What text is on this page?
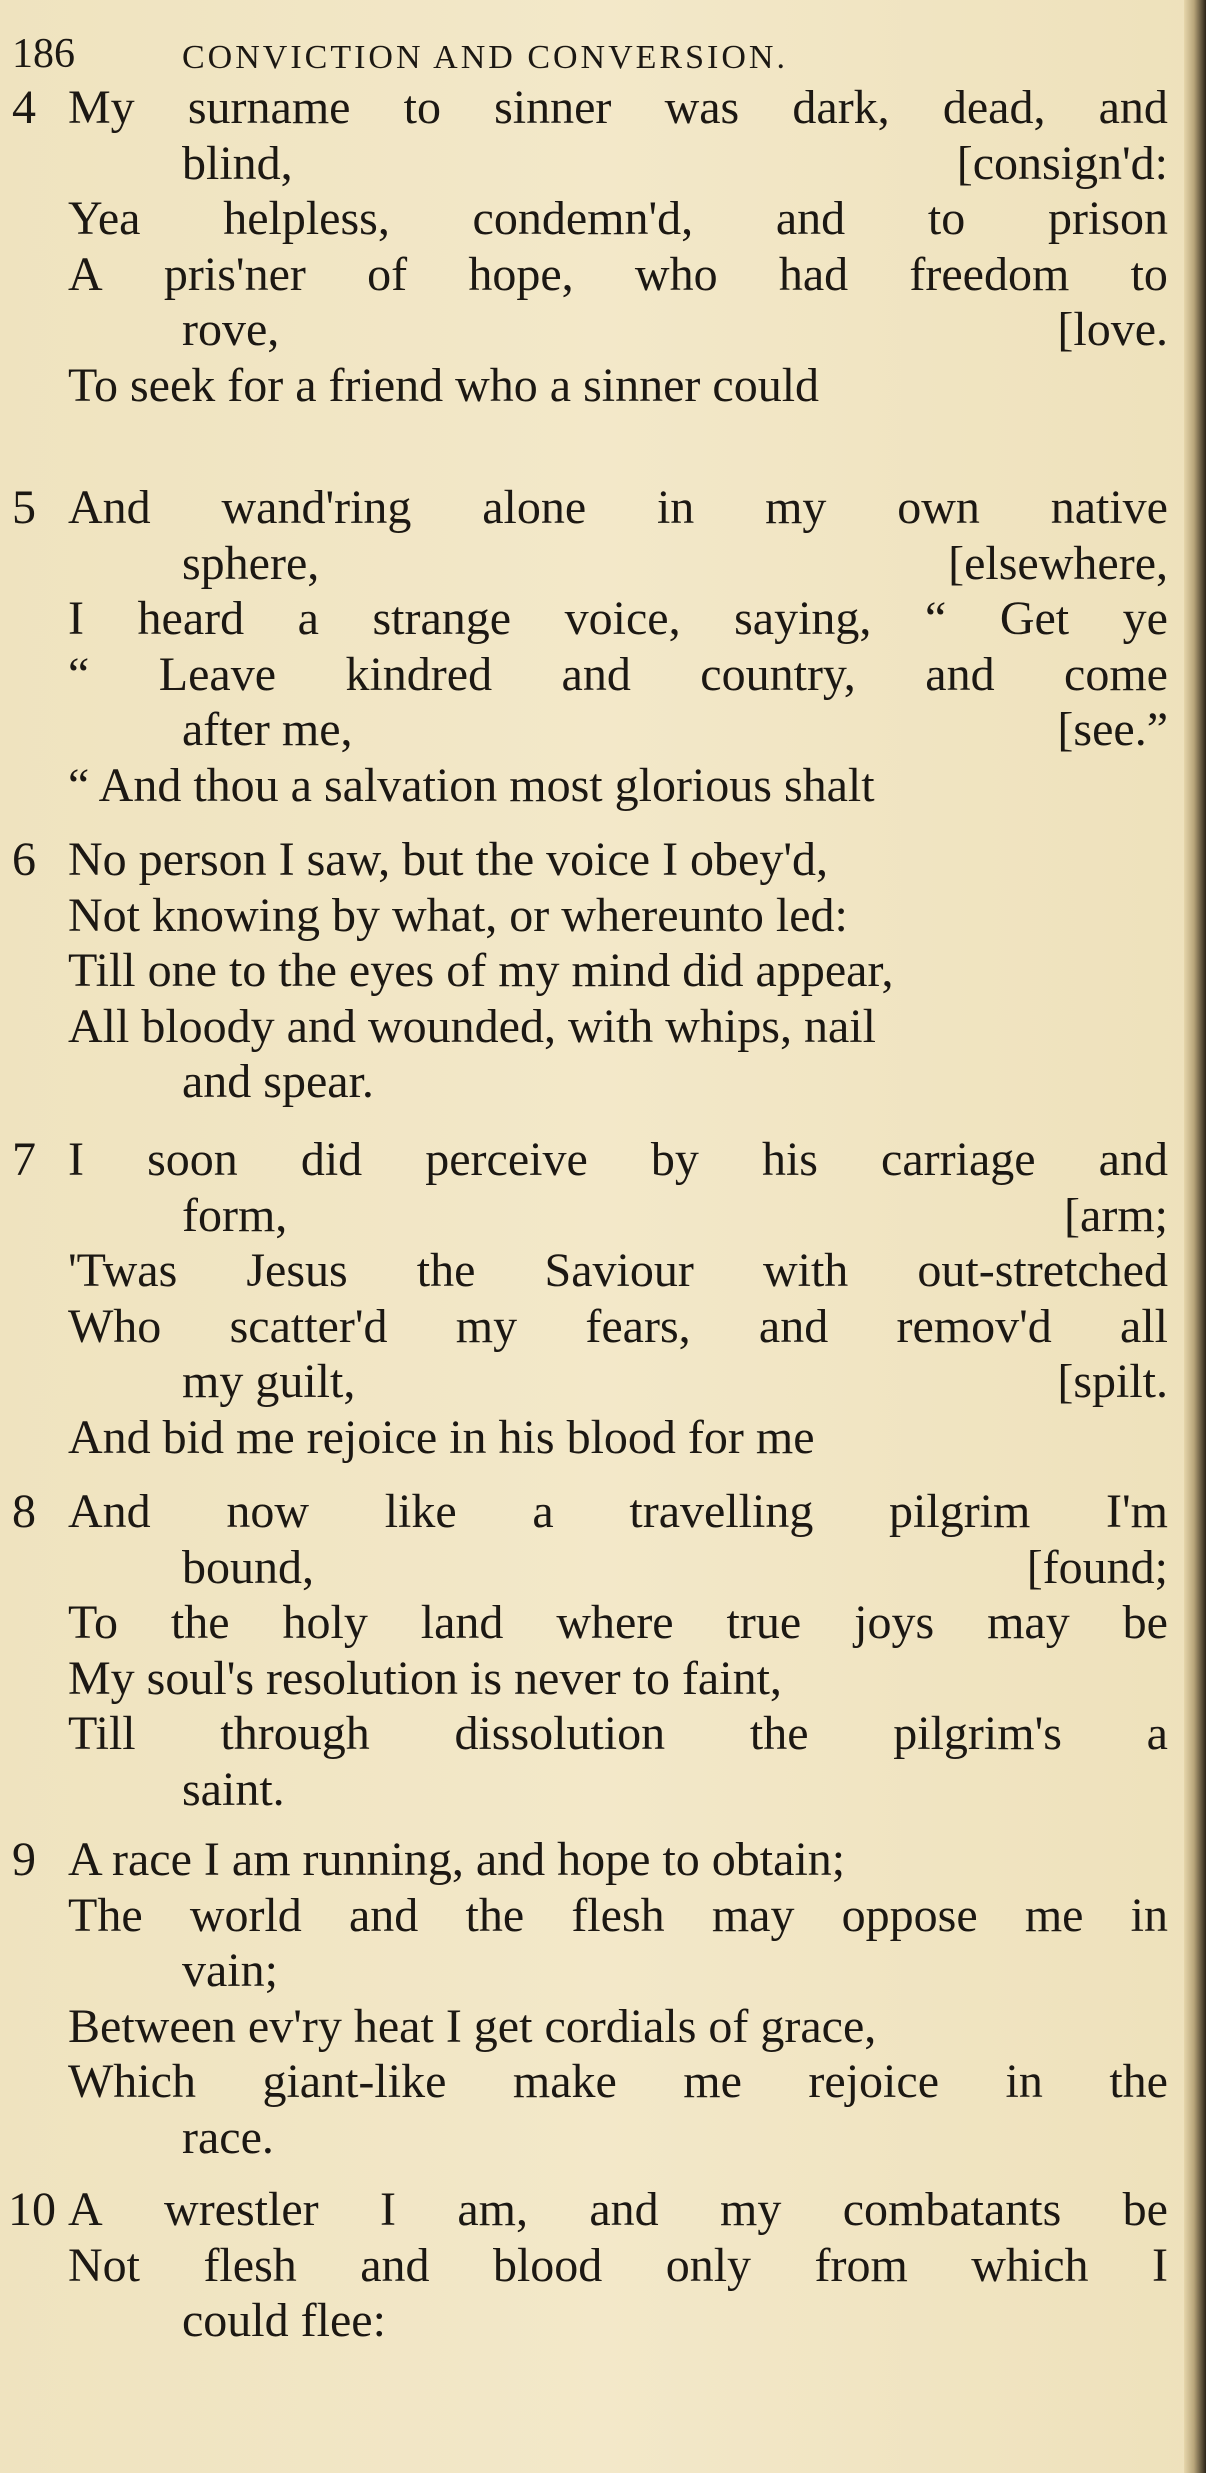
186	CONVICTION AND CONVERSION.
4 My surname to sinner was dark, dead, and
blind,	[consign'd:
Yea helpless, condemn'd, and to prison
A pris'ner of hope, who had freedom to
rove,	[love.
To seek for a friend who a sinner could
5 And wand'ring alone in my own native
sphere,	[elsewhere,
I heard a strange voice, saying, “ Get ye
“ Leave kindred and country, and come
after me,	[see.”
“ And thou a salvation most glorious shalt
6 No person I saw, but the voice I obey'd,
Not knowing by what, or whereunto led:
Till one to the eyes of my mind did appear,
All bloody and wounded, with whips, nail
and spear.
7 I soon did perceive by his carriage and
form,	[arm;
'Twas Jesus the Saviour with out-stretched
Who scatter'd my fears, and remov'd all
my guilt,	[spilt.
And bid me rejoice in his blood for me
8 And now like a travelling pilgrim I'm
bound,	[found;
To the holy land where true joys may be
My soul's resolution is never to faint,
Till through dissolution the pilgrim's a
saint.
9 A race I am running, and hope to obtain;
The world and the flesh may oppose me in
vain;
Between ev'ry heat I get cordials of grace,
Which giant-like make me rejoice in the
race.
10 A wrestler I am, and my combatants be
Not flesh and blood only from which I
could flee:
